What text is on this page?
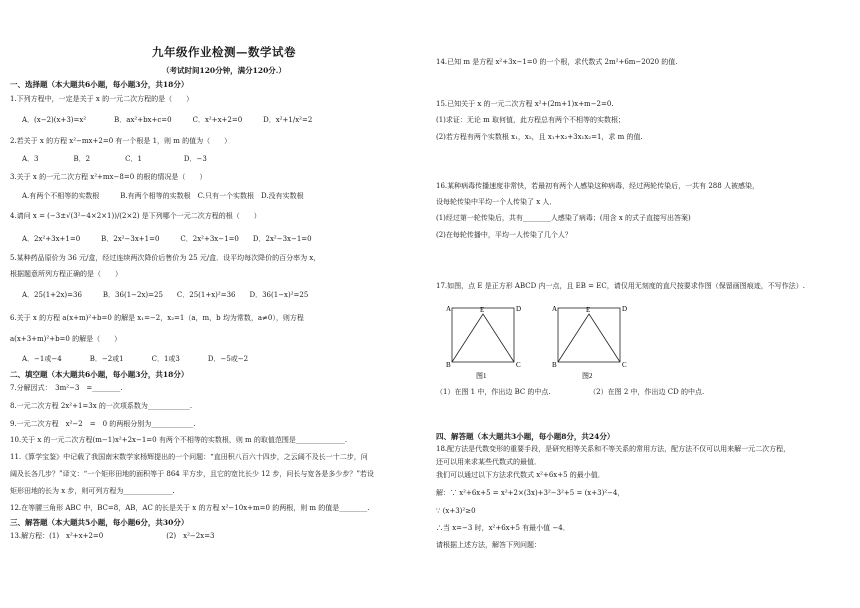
九年级作业检测—数学试卷
（考试时间120分钟，满分120分.）
一、选择题（本大题共6小题，每小题3分，共18分）
1.下列方程中，一定是关于 x 的一元二次方程的是（　　）
A．(x−2)(x+3)=x²　　　　B．ax²+bx+c=0　　　C．x²+x+2=0　　　D．x²+1/x²=2
2.若关于 x 的方程 x²−mx+2=0 有一个根是 1，则 m 的值为（　　）
A．3　　　　　B．2　　　　　C．1　　　　　　D．−3
3.关于 x 的一元二次方程 x²+mx−8=0 的根的情况是（　　）
A.有两个不相等的实数根　　　B.有两个相等的实数根　C.只有一个实数根　D.没有实数根
4.请问 x = (−3±√(3²−4×2×1))/(2×2) 是下列哪个一元二次方程的根（　　）
A．2x²+3x+1=0　　　B．2x²−3x+1=0　　　C．2x²+3x−1=0　　D．2x²−3x−1=0
5.某种药品原价为 36 元/盒，经过连续两次降价后售价为 25 元/盒．设平均每次降价的百分率为 x，
根据题意所列方程正确的是（　　）
A．25(1+2x)=36　　　B．36(1−2x)=25　　C．25(1+x)²=36　　D．36(1−x)²=25
6.关于 x 的方程 a(x+m)²+b=0 的解是 x₁=−2，x₂=1（a，m，b 均为常数，a≠0），则方程
a(x+3+m)²+b=0 的解是（　　）
A．−1或−4　　　　B．−2或1　　　　C．1或3　　　　D．−5或−2
二、填空题（本大题共6小题，每小题3分，共18分）
7.分解因式：　3m²−3　=________.
8.一元二次方程 2x²+1=3x 的一次项系数为____________.
9.一元二次方程　x²−2　=　0 的两根分别为____________.
10.关于 x 的一元二次方程(m−1)x²+2x−1=0 有两个不相等的实数根，则 m 的取值范围是______________.
11.《算学宝鉴》中记载了我国南宋数学家杨辉提出的一个问题：“直田积八百六十四步，之云阔不及长一十二步，问
阔及长各几步？”译文：“一个矩形田地的面积等于 864 平方步，且它的宽比长少 12 步，问长与宽各是多少步？”若设
矩形田地的长为 x 步，则可列方程为______________.
12.在等腰三角形 ABC 中，BC=8，AB，AC 的长是关于 x 的方程 x²−10x+m=0 的两根，则 m 的值是________.
三、解答题（本大题共5小题，每小题6分，共30分）
13.解方程：(1)　x²+x+2=0　　　　　　　　　(2)　x²−2x=3
14.已知 m 是方程 x²+3x−1=0 的一个根，求代数式 2m²+6m−2020 的值.
15.已知关于 x 的一元二次方程 x²+(2m+1)x+m−2=0.
(1)求证：无论 m 取何值，此方程总有两个不相等的实数根；
(2)若方程有两个实数根 x₁，x₂，且 x₁+x₂+3x₁x₂=1，求 m 的值.
16.某种病毒传播速度非常快，若最初有两个人感染这种病毒，经过两轮传染后，一共有 288 人被感染，
设每轮传染中平均一个人传染了 x 人．
(1)经过第一轮传染后，共有________人感染了病毒；(用含 x 的式子直接写出答案)
(2)在每轮传播中，平均一人传染了几个人？
17.如图，点 E 是正方形 ABCD 内一点，且 EB = EC，请仅用无刻度的直尺按要求作图（保留画图痕迹，不写作法）.
A	E	D
B	C
图1
A	E	D
B	C
图2
（1）在图 1 中，作出边 BC 的中点.　　　　　　（2）在图 2 中，作出边 CD 的中点.
四、解答题（本大题共3小题，每小题8分，共24分）
18.配方法是代数变形的重要手段，是研究相等关系和不等关系的常用方法，配方法不仅可以用来解一元二次方程，
还可以用来求某些代数式的最值．
我们可以通过以下方法求代数式 x²+6x+5 的最小值．
解：∵ x²+6x+5 = x²+2×(3x)+3²−3²+5 = (x+3)²−4，
∵ (x+3)²≥0
∴当 x=−3 时，x²+6x+5 有最小值 −4．
请根据上述方法，解答下列问题：
